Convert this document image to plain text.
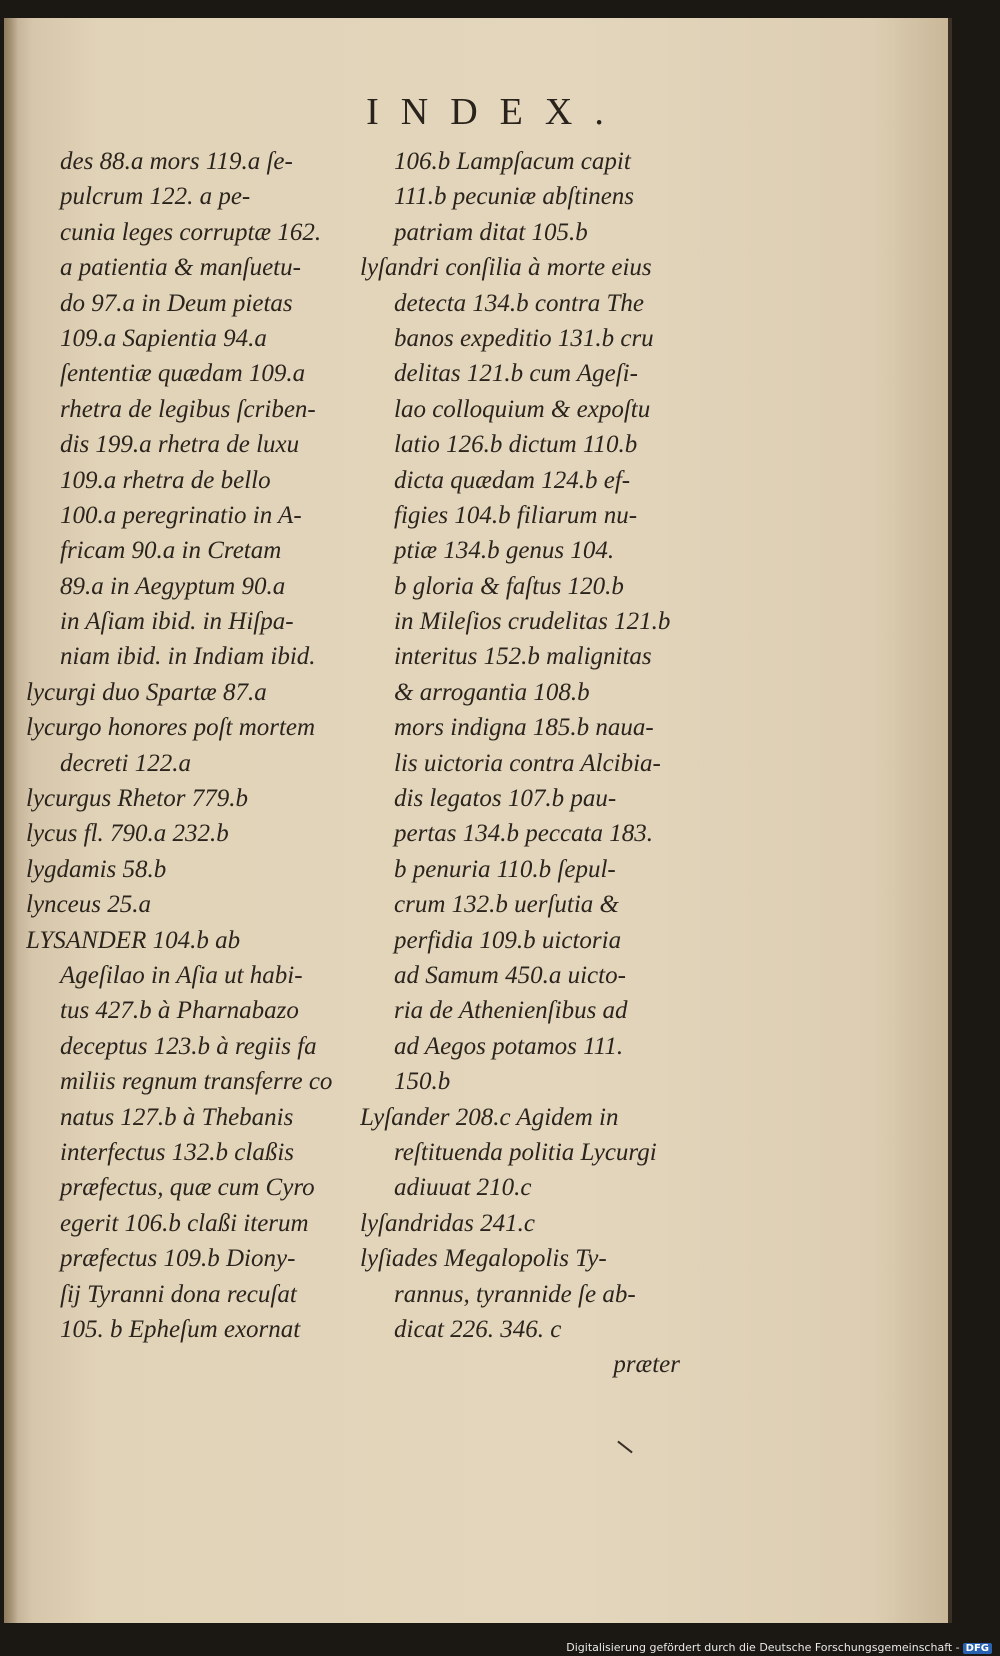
INDEX.
des 88.a mors 119.a ſe-
pulcrum 122. a pe-
cunia leges corruptæ 162.
a patientia & manſuetu-
do 97.a in Deum pietas
109.a Sapientia 94.a
ſententiæ quædam 109.a
rhetra de legibus ſcriben-
dis 199.a rhetra de luxu
109.a rhetra de bello
100.a peregrinatio in A-
fricam 90.a in Cretam
89.a in Aegyptum 90.a
in Aſiam ibid. in Hiſpa-
niam ibid. in Indiam ibid.
lycurgi duo Spartæ 87.a
lycurgo honores poſt mortem
decreti 122.a
lycurgus Rhetor 779.b
lycus fl. 790.a 232.b
lygdamis 58.b
lynceus 25.a
LYSANDER 104.b ab
Ageſilao in Aſia ut habi-
tus 427.b à Pharnabazo
deceptus 123.b à regiis fa
miliis regnum transferre co
natus 127.b à Thebanis
interfectus 132.b claßis
præfectus, quæ cum Cyro
egerit 106.b claßi iterum
præfectus 109.b Diony-
ſij Tyranni dona recuſat
105. b Epheſum exornat
106.b Lampſacum capit
111.b pecuniæ abſtinens
patriam ditat 105.b
lyſandri conſilia à morte eius
detecta 134.b contra The
banos expeditio 131.b cru
delitas 121.b cum Ageſi-
lao colloquium & expoſtu
latio 126.b dictum 110.b
dicta quædam 124.b ef-
figies 104.b filiarum nu-
ptiæ 134.b genus 104.
b gloria & faſtus 120.b
in Mileſios crudelitas 121.b
interitus 152.b malignitas
& arrogantia 108.b
mors indigna 185.b naua-
lis uictoria contra Alcibia-
dis legatos 107.b pau-
pertas 134.b peccata 183.
b penuria 110.b ſepul-
crum 132.b uerſutia &
perfidia 109.b uictoria
ad Samum 450.a uicto-
ria de Athenienſibus ad
ad Aegos potamos 111.
150.b
Lyſander 208.c Agidem in
reſtituenda politia Lycurgi
adiuuat 210.c
lyſandridas 241.c
lyſiades Megalopolis Ty-
rannus, tyrannide ſe ab-
dicat 226. 346. c
præter
Digitalisierung gefördert durch die Deutsche Forschungsgemeinschaft - DFG
